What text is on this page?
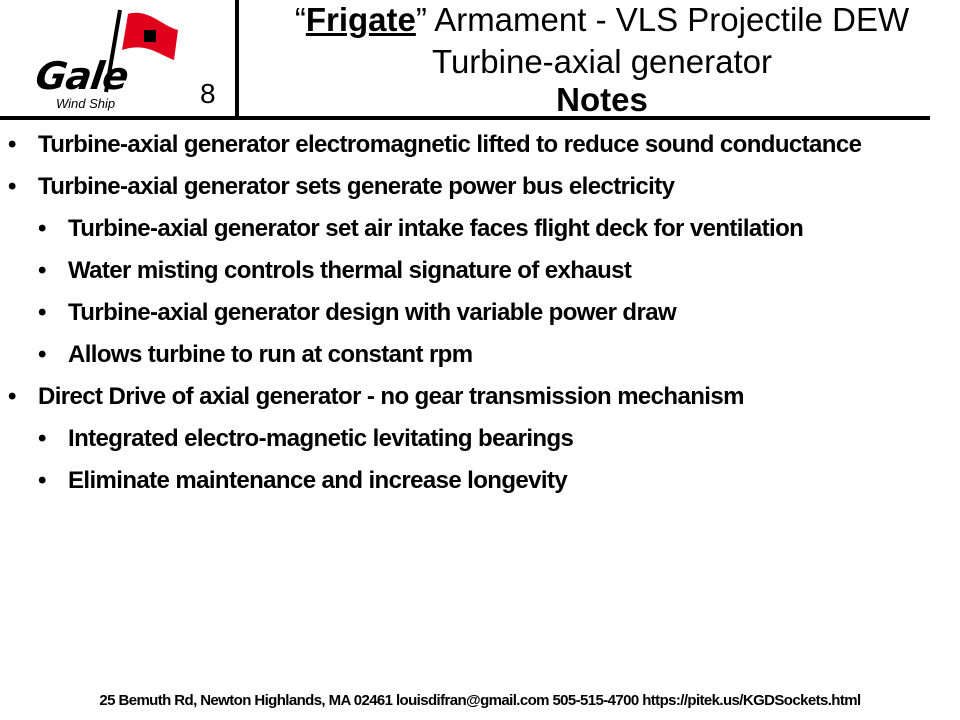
Gale
Wind Ship	8
“Frigate” Armament - VLS Projectile DEW
Turbine-axial generator
Notes
• Turbine-axial generator electromagnetic lifted to reduce sound conductance
• Turbine-axial generator sets generate power bus electricity
• Turbine-axial generator set air intake faces flight deck for ventilation
• Water misting controls thermal signature of exhaust
• Turbine-axial generator design with variable power draw
• Allows turbine to run at constant rpm
• Direct Drive of axial generator - no gear transmission mechanism
• Integrated electro-magnetic levitating bearings
• Eliminate maintenance and increase longevity
25 Bemuth Rd, Newton Highlands, MA 02461 louisdifran@gmail.com 505-515-4700 https://pitek.us/KGDSockets.html
